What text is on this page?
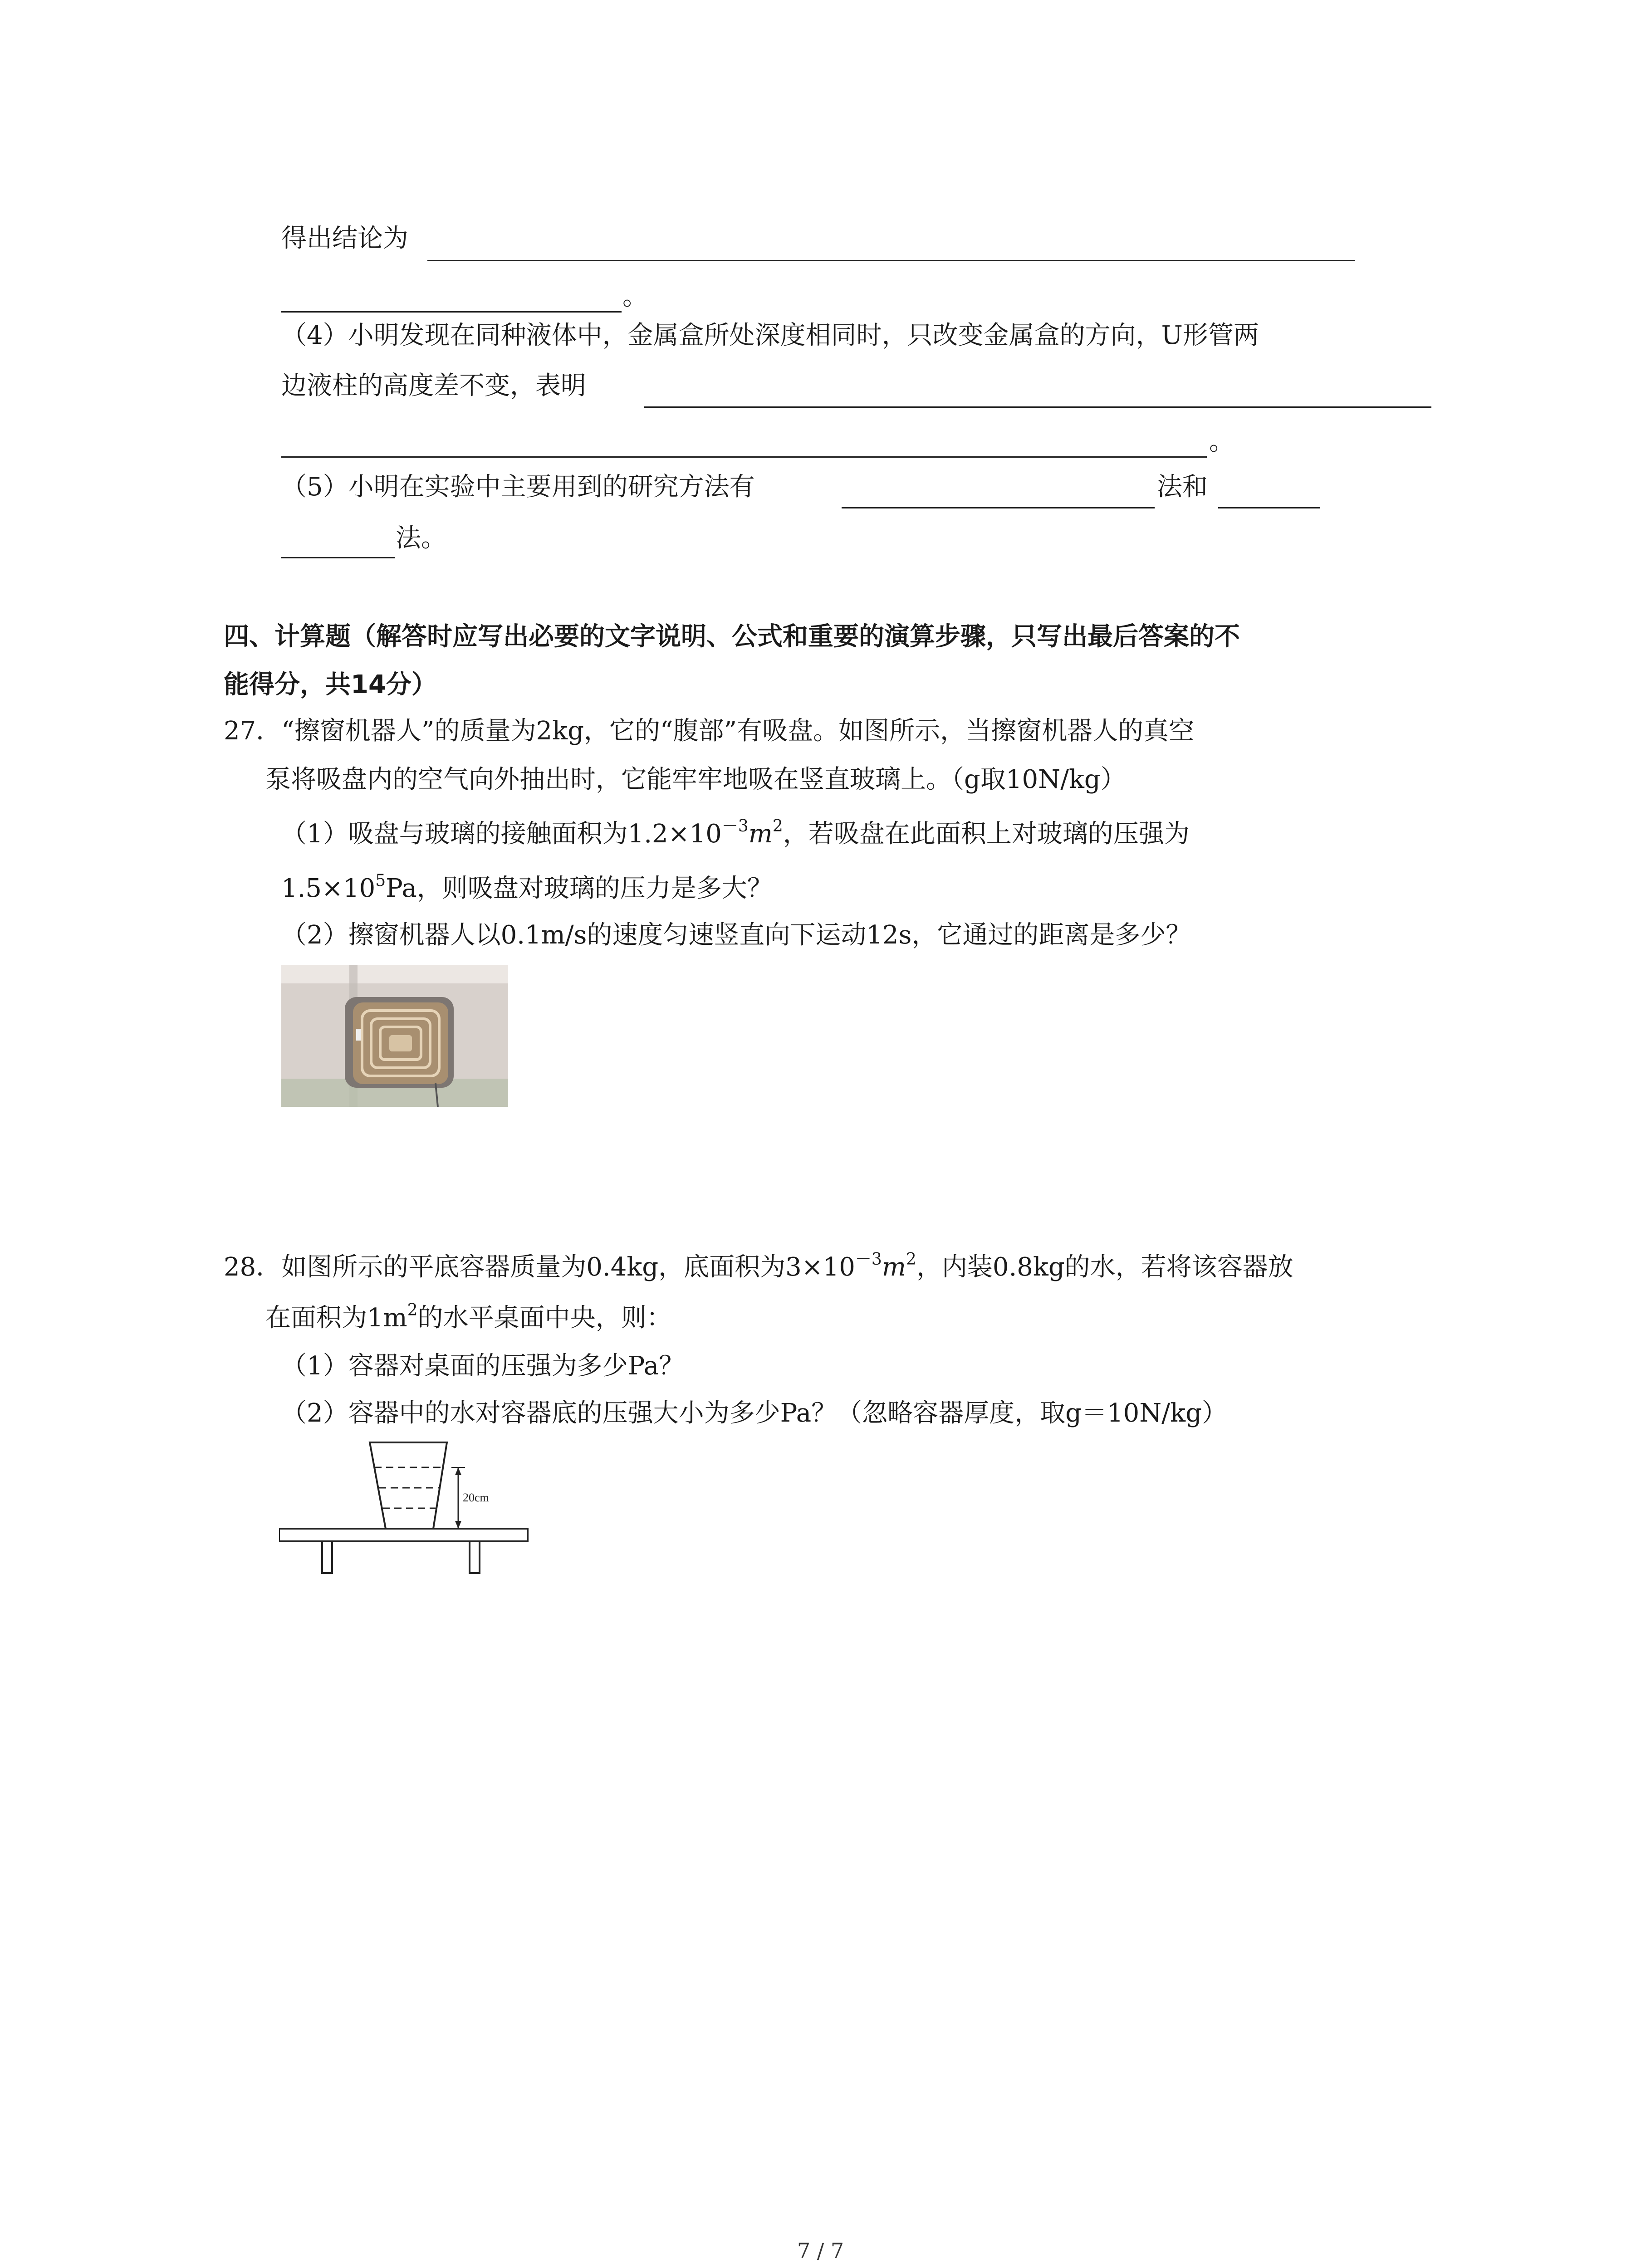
得出结论为
。
（4）小明发现在同种液体中，金属盒所处深度相同时，只改变金属盒的方向，U形管两
边液柱的高度差不变，表明
。
（5）小明在实验中主要用到的研究方法有	法和
法。
四、计算题（解答时应写出必要的文字说明、公式和重要的演算步骤，只写出最后答案的不
能得分，共14分）
27．“擦窗机器人”的质量为2kg，它的“腹部”有吸盘。如图所示，当擦窗机器人的真空
泵将吸盘内的空气向外抽出时，它能牢牢地吸在竖直玻璃上。（g取10N/kg）
（1）吸盘与玻璃的接触面积为$1.2\times 10^{-3}m^2$，若吸盘在此面积上对玻璃的压强为
$1.5\times 10^5Pa$，则吸盘对玻璃的压力是多大？
（2）擦窗机器人以0.1m/s的速度匀速竖直向下运动12s，它通过的距离是多少？
28．如图所示的平底容器质量为0.4kg，底面积为$3\times 10^{-3}m^2$，内装0.8kg的水，若将该容器放
在面积为$1m^2$的水平桌面中央，则：
（1）容器对桌面的压强为多少Pa？
（2）容器中的水对容器底的压强大小为多少Pa？（忽略容器厚度，取g＝10N/kg）
20cm
7 / 7
